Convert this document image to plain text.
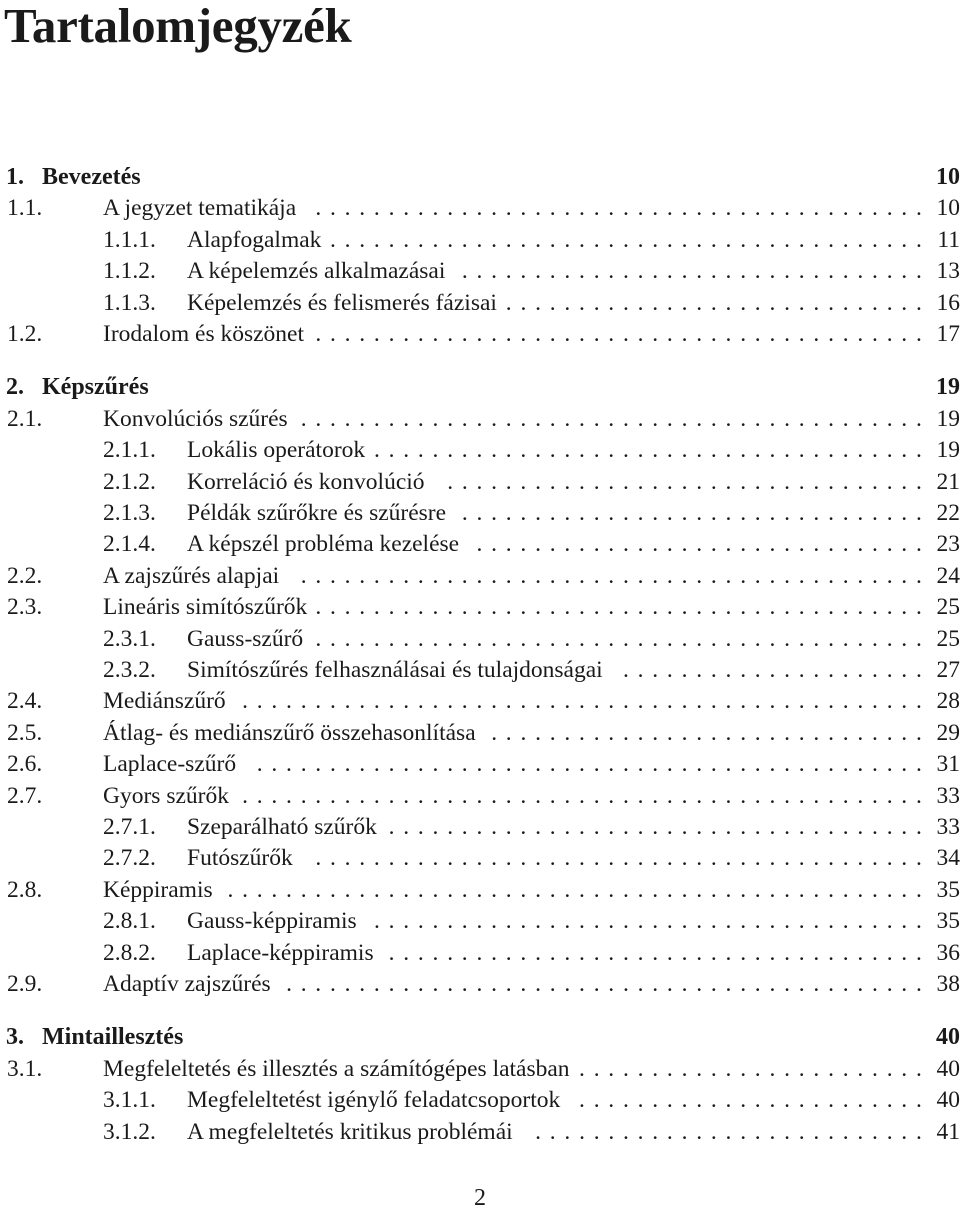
Tartalomjegyzék
1. Bevezetés	10
1.1.	A jegyzet tematikája	10
. . . . . . . . . . . . . . . . . . . . . . . . . . . . . . . . . . . . . . . . . .
1.1.1. Alapfogalmak	11
. . . . . . . . . . . . . . . . . . . . . . . . . . . . . . . . . . . . . . . . .
1.1.2. A képelemzés alkalmazásai	13
. . . . . . . . . . . . . . . . . . . . . . . . . . . . . . . .
1.1.3. Képelemzés és felismerés fázisai	16
. . . . . . . . . . . . . . . . . . . . . . . . . . . . .
1.2.	Irodalom és köszönet	17
. . . . . . . . . . . . . . . . . . . . . . . . . . . . . . . . . . . . . . . . . .
2. Képszűrés	19
2.1.	Konvolúciós szűrés	19
. . . . . . . . . . . . . . . . . . . . . . . . . . . . . . . . . . . . . . . . . . .
2.1.1. Lokális operátorok	19
. . . . . . . . . . . . . . . . . . . . . . . . . . . . . . . . . . . . . .
2.1.2. Korreláció és konvolúció	21
. . . . . . . . . . . . . . . . . . . . . . . . . . . . . . . . .
2.1.3. Példák szűrőkre és szűrésre	22
. . . . . . . . . . . . . . . . . . . . . . . . . . . . . . . .
2.1.4. A képszél probléma kezelése	23
. . . . . . . . . . . . . . . . . . . . . . . . . . . . . . .
2.2.	A zajszűrés alapjai	24
. . . . . . . . . . . . . . . . . . . . . . . . . . . . . . . . . . . . . . . . . . .
2.3.	Lineáris simítószűrők	25
. . . . . . . . . . . . . . . . . . . . . . . . . . . . . . . . . . . . . . . . . .
2.3.1. Gauss-szűrő	25
. . . . . . . . . . . . . . . . . . . . . . . . . . . . . . . . . . . . . . . . . .
2.3.2. Simítószűrés felhasználásai és tulajdonságai	27
. . . . . . . . . . . . . . . . . . . . .
2.4.	Mediánszűrő	28
. . . . . . . . . . . . . . . . . . . . . . . . . . . . . . . . . . . . . . . . . . . . . . .
2.5.	Átlag- és mediánszűrő összehasonlítása	29
. . . . . . . . . . . . . . . . . . . . . . . . . . . . . .
2.6.	Laplace-szűrő	31
. . . . . . . . . . . . . . . . . . . . . . . . . . . . . . . . . . . . . . . . . . . . . .
2.7.	Gyors szűrők	33
. . . . . . . . . . . . . . . . . . . . . . . . . . . . . . . . . . . . . . . . . . . . . . .
2.7.1. Szeparálható szűrők	33
. . . . . . . . . . . . . . . . . . . . . . . . . . . . . . . . . . . . .
2.7.2. Futószűrők	34
. . . . . . . . . . . . . . . . . . . . . . . . . . . . . . . . . . . . . . . . . .
2.8.	Képpiramis	35
. . . . . . . . . . . . . . . . . . . . . . . . . . . . . . . . . . . . . . . . . . . . . . . .
2.8.1. Gauss-képpiramis	35
. . . . . . . . . . . . . . . . . . . . . . . . . . . . . . . . . . . . . .
2.8.2. Laplace-képpiramis	36
. . . . . . . . . . . . . . . . . . . . . . . . . . . . . . . . . . . . .
2.9.	Adaptív zajszűrés	38
. . . . . . . . . . . . . . . . . . . . . . . . . . . . . . . . . . . . . . . . . . . .
3. Mintaillesztés	40
3.1.	Megfeleltetés és illesztés a számítógépes latásban	40
. . . . . . . . . . . . . . . . . . . . . . . .
3.1.1. Megfeleltetést igénylő feladatcsoportok	40
. . . . . . . . . . . . . . . . . . . . . . . .
3.1.2. A megfeleltetés kritikus problémái	41
. . . . . . . . . . . . . . . . . . . . . . . . . . .
2
